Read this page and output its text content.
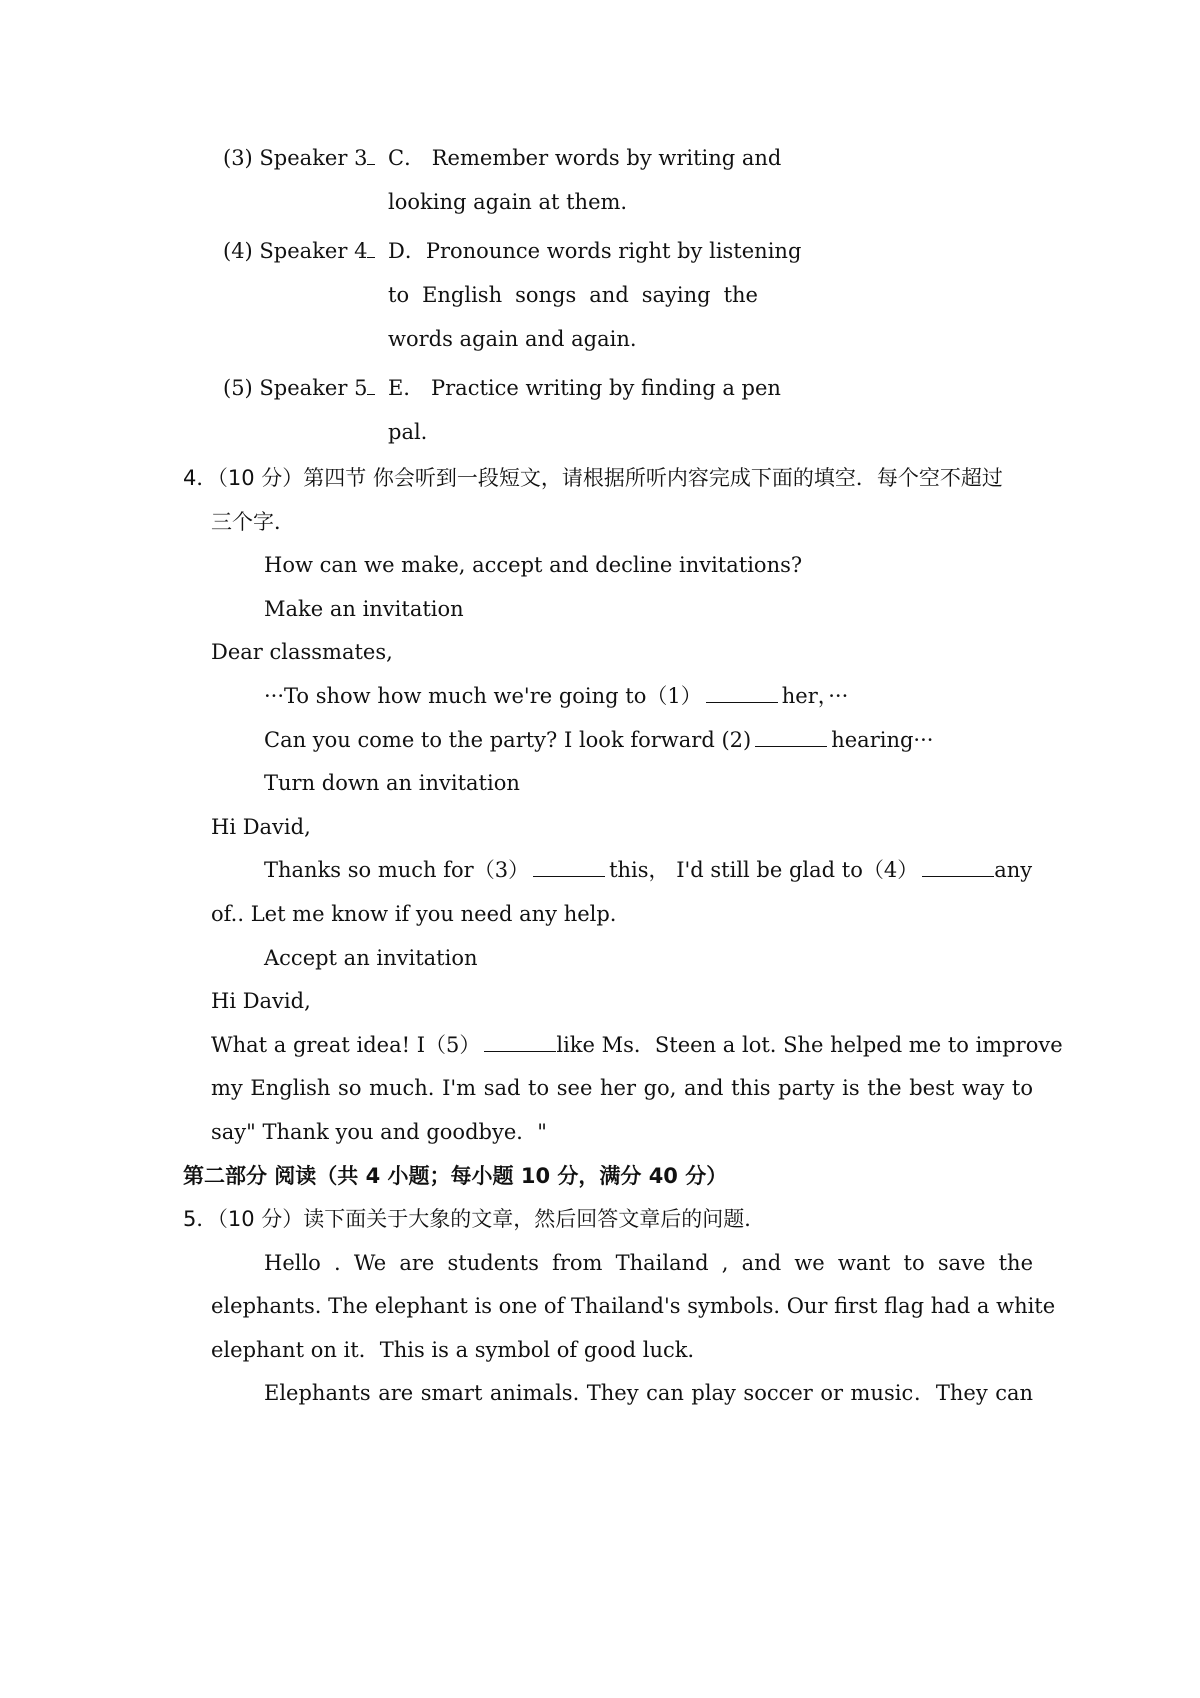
(3) Speaker 3 C． Remember words by writing and
looking again at them.
(4) Speaker 4 D．Pronounce words right by listening
to English songs and saying the
words again and again.
(5) Speaker 5 E． Practice writing by finding a pen
pal.
4．（10 分）第四节 你会听到一段短文，请根据所听内容完成下面的填空．每个空不超过
三个字．
How can we make, accept and decline invitations?
Make an invitation
Dear classmates,
···To show how much we're going to（1）	her，···
Can you come to the party? I look forward (2)	hearing···
Turn down an invitation
Hi David,
Thanks so much for（3）	this， I'd still be glad to（4）	any
of.. Let me know if you need any help.
Accept an invitation
Hi David,
What a great idea! I（5）	like Ms．Steen a lot. She helped me to improve
my English so much. I'm sad to see her go, and this party is the best way to
say" Thank you and goodbye．"
第二部分 阅读（共 4 小题；每小题 10 分，满分 40 分）
5．（10 分）读下面关于大象的文章，然后回答文章后的问题．
Hello . We are students from Thailand , and we want to save the
elephants. The elephant is one of Thailand's symbols. Our first flag had a white
elephant on it．This is a symbol of good luck．
Elephants are smart animals. They can play soccer or music．They can
